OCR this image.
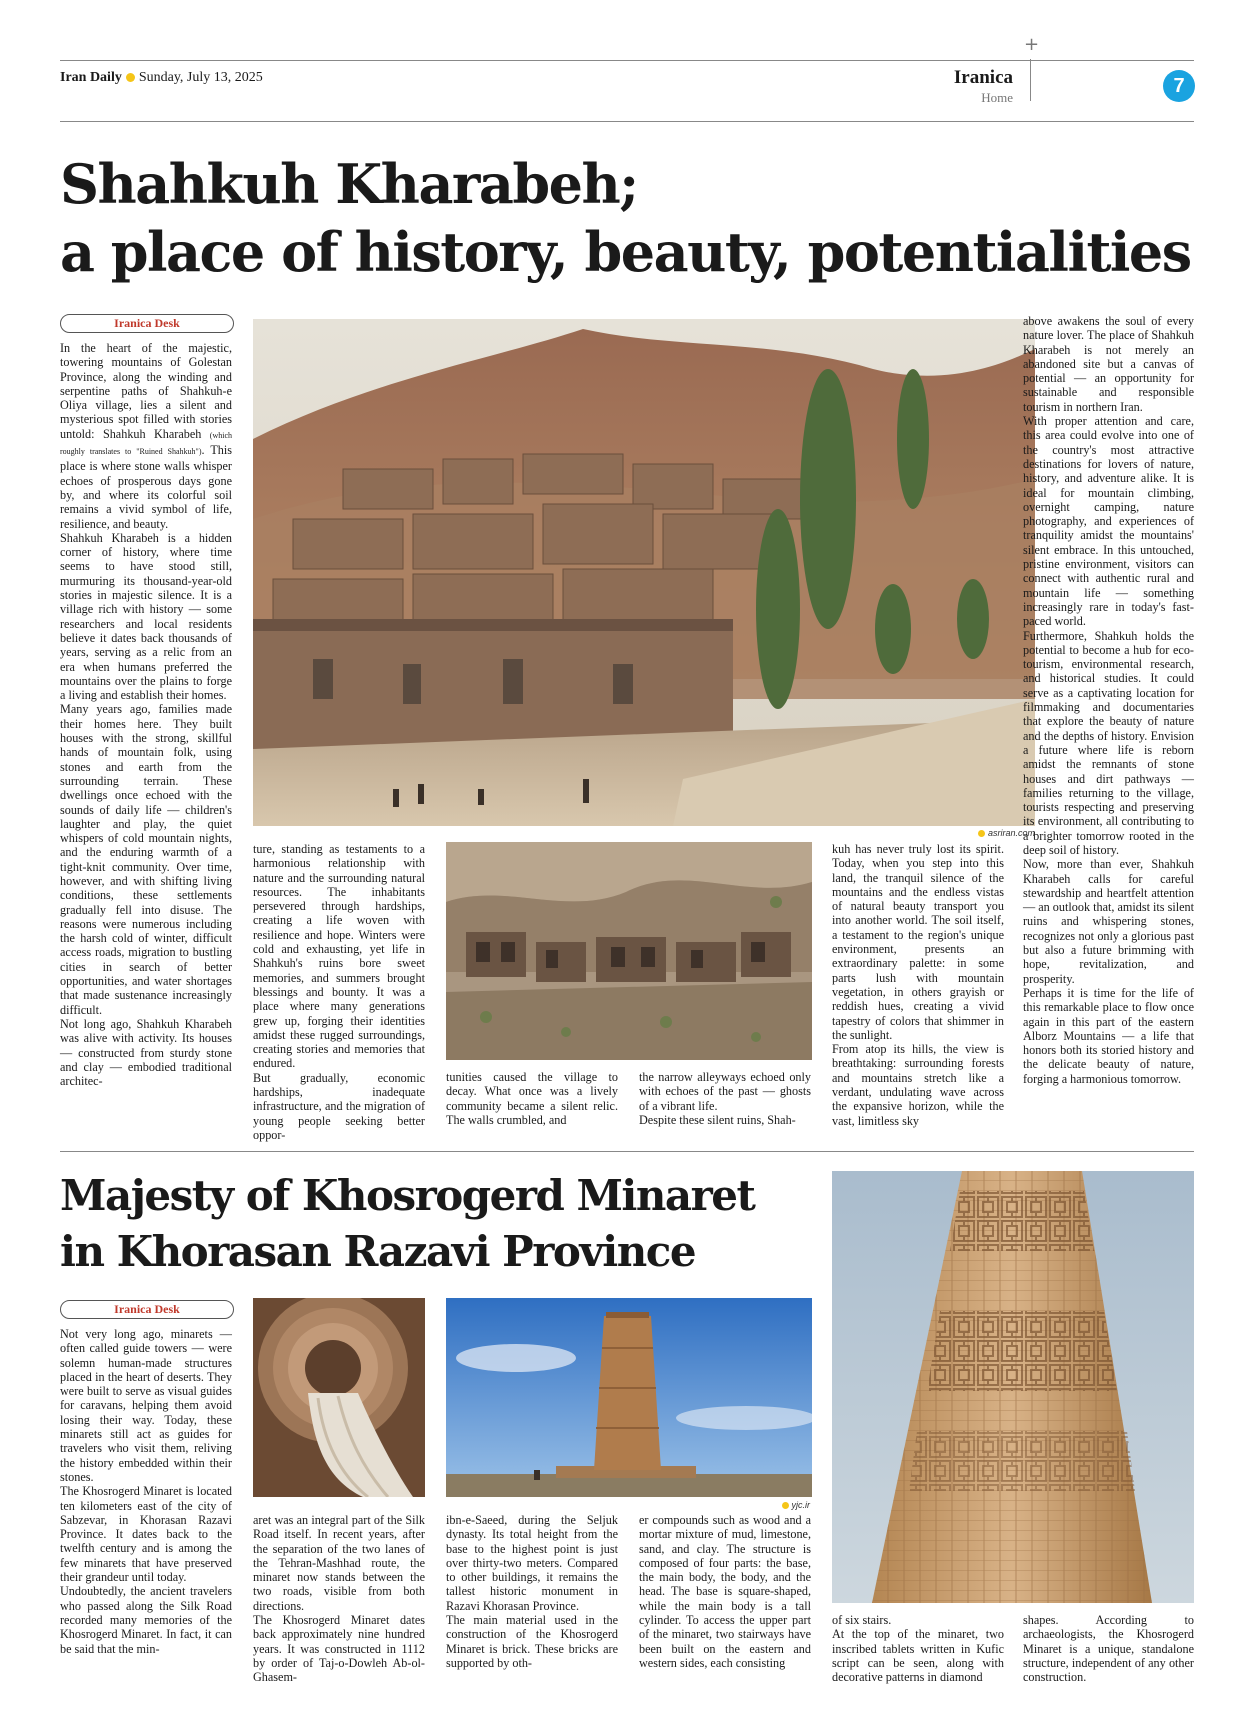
+
Iran Daily Sunday, July 13, 2025	Iranica
Home
7
Shahkuh Kharabeh;
a place of history, beauty, potentialities
Iranica Desk

In the heart of the majestic, towering mountains of Golestan Province, along the winding and serpentine paths of Shahkuh-e Oliya village, lies a silent and mysterious spot filled with stories untold: Shahkuh Kharabeh (which roughly translates to "Ruined Shahkuh"). This place is where stone walls whisper echoes of prosperous days gone by, and where its colorful soil remains a vivid symbol of life, resilience, and beauty.

Shahkuh Kharabeh is a hidden corner of history, where time seems to have stood still, murmuring its thousand-year-old stories in majestic silence. It is a village rich with history — some researchers and local residents believe it dates back thousands of years, serving as a relic from an era when humans preferred the mountains over the plains to forge a living and establish their homes.

Many years ago, families made their homes here. They built houses with the strong, skillful hands of mountain folk, using stones and earth from the surrounding terrain. These dwellings once echoed with the sounds of daily life — children's laughter and play, the quiet whispers of cold mountain nights, and the enduring warmth of a tight-knit community. Over time, however, and with shifting living conditions, these settlements gradually fell into disuse. The reasons were numerous including the harsh cold of winter, difficult access roads, migration to bustling cities in search of better opportunities, and water shortages that made sustenance increasingly difficult.

Not long ago, Shahkuh Kharabeh was alive with activity. Its houses — constructed from sturdy stone and clay — embodied traditional architec-

asriran.com

ture, standing as testaments to a harmonious relationship with nature and the surrounding natural resources. The inhabitants persevered through hardships, creating a life woven with resilience and hope. Winters were cold and exhausting, yet life in Shahkuh's ruins bore sweet memories, and summers brought blessings and bounty. It was a place where many generations grew up, forging their identities amidst these rugged surroundings, creating stories and memories that endured.

But gradually, economic hardships, inadequate infrastructure, and the migration of young people seeking better oppor-

tunities caused the village to decay. What once was a lively community became a silent relic. The walls crumbled, and

the narrow alleyways echoed only with echoes of the past — ghosts of a vibrant life.

Despite these silent ruins, Shah-

kuh has never truly lost its spirit. Today, when you step into this land, the tranquil silence of the mountains and the endless vistas of natural beauty transport you into another world. The soil itself, a testament to the region's unique environment, presents an extraordinary palette: in some parts lush with mountain vegetation, in others grayish or reddish hues, creating a vivid tapestry of colors that shimmer in the sunlight.

From atop its hills, the view is breathtaking: surrounding forests and mountains stretch like a verdant, undulating wave across the expansive horizon, while the vast, limitless sky

above awakens the soul of every nature lover. The place of Shahkuh Kharabeh is not merely an abandoned site but a canvas of potential — an opportunity for sustainable and responsible tourism in northern Iran.

With proper attention and care, this area could evolve into one of the country's most attractive destinations for lovers of nature, history, and adventure alike. It is ideal for mountain climbing, overnight camping, nature photography, and experiences of tranquility amidst the mountains' silent embrace. In this untouched, pristine environment, visitors can connect with authentic rural and mountain life — something increasingly rare in today's fast-paced world.

Furthermore, Shahkuh holds the potential to become a hub for eco-tourism, environmental research, and historical studies. It could serve as a captivating location for filmmaking and documentaries that explore the beauty of nature and the depths of history. Envision a future where life is reborn amidst the remnants of stone houses and dirt pathways — families returning to the village, tourists respecting and preserving its environment, all contributing to a brighter tomorrow rooted in the deep soil of history.

Now, more than ever, Shahkuh Kharabeh calls for careful stewardship and heartfelt attention — an outlook that, amidst its silent ruins and whispering stones, recognizes not only a glorious past but also a future brimming with hope, revitalization, and prosperity.

Perhaps it is time for the life of this remarkable place to flow once again in this part of the eastern Alborz Mountains — a life that honors both its storied history and the delicate beauty of nature, forging a harmonious tomorrow.

Majesty of Khosrogerd Minaret
in Khorasan Razavi Province
Iranica Desk

Not very long ago, minarets — often called guide towers — were solemn human-made structures placed in the heart of deserts. They were built to serve as visual guides for caravans, helping them avoid losing their way. Today, these minarets still act as guides for travelers who visit them, reliving the history embedded within their stones.

The Khosrogerd Minaret is located ten kilometers east of the city of Sabzevar, in Khorasan Razavi Province. It dates back to the twelfth century and is among the few minarets that have preserved their grandeur until today.

Undoubtedly, the ancient travelers who passed along the Silk Road recorded many memories of the Khosrogerd Minaret. In fact, it can be said that the min-

aret was an integral part of the Silk Road itself. In recent years, after the separation of the two lanes of the Tehran-Mashhad route, the minaret now stands between the two roads, visible from both directions.

The Khosrogerd Minaret dates back approximately nine hundred years. It was constructed in 1112 by order of Taj-o-Dowleh Ab-ol-Ghasem-

yjc.ir

ibn-e-Saeed, during the Seljuk dynasty. Its total height from the base to the highest point is just over thirty-two meters. Compared to other buildings, it remains the tallest historic monument in Razavi Khorasan Province.

The main material used in the construction of the Khosrogerd Minaret is brick. These bricks are supported by oth-

er compounds such as wood and a mortar mixture of mud, limestone, sand, and clay. The structure is composed of four parts: the base, the main body, the body, and the head. The base is square-shaped, while the main body is a tall cylinder. To access the upper part of the minaret, two stairways have been built on the eastern and western sides, each consisting

of six stairs.

At the top of the minaret, two inscribed tablets written in Kufic script can be seen, along with decorative patterns in diamond

shapes. According to archaeologists, the Khosrogerd Minaret is a unique, standalone structure, independent of any other construction.
